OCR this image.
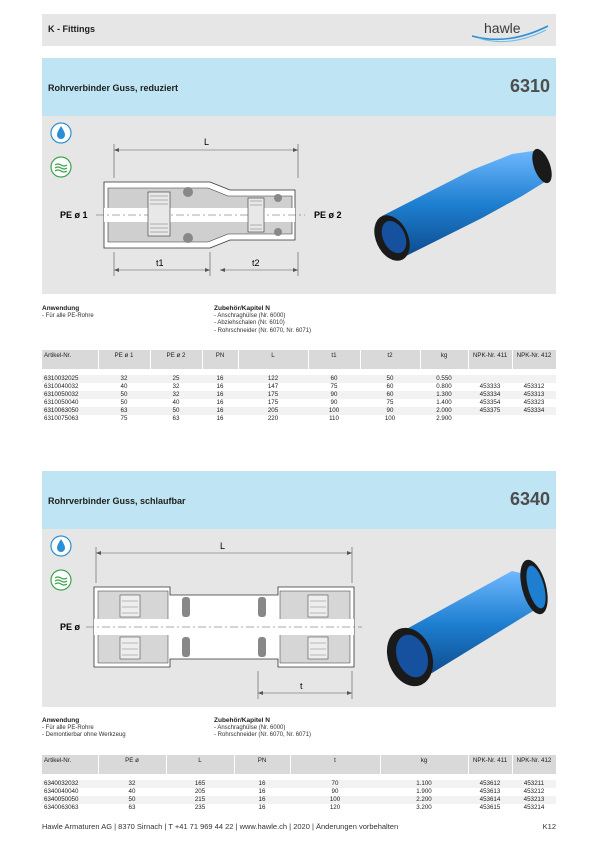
K - Fittings	hawle
Rohrverbinder Guss, reduziert	6310
L
t1	t2
PE ø 1	PE ø 2
Anwendung
- Für alle PE-Rohre
Zubehör/Kapitel N
- Anschraghülse (Nr. 6000)
- Abziehschalen (Nr. 6010)
- Rohrschneider (Nr. 6070, Nr. 6071)
Artikel-Nr.	PE ø 1	PE ø 2	PN	L	t1	t2	kg	NPK-Nr. 411	NPK-Nr. 412

6310032025	32	25	16	122	60	50	0.550		
6310040032	40	32	16	147	75	60	0.800	453333	453312
6310050032	50	32	16	175	90	60	1.300	453334	453313
6310050040	50	40	16	175	90	75	1.400	453354	453323
6310063050	63	50	16	205	100	90	2.000	453375	453334
6310075063	75	63	16	220	110	100	2.900		
Rohrverbinder Guss, schlaufbar	6340
L
t
PE ø
Anwendung
- Für alle PE-Rohre
- Demontierbar ohne Werkzeug
Zubehör/Kapitel N
- Anschraghülse (Nr. 6000)
- Rohrschneider (Nr. 6070, Nr. 6071)
Artikel-Nr.	PE ø	L	PN	t	kg	NPK-Nr. 411	NPK-Nr. 412

6340032032	32	165	16	70	1.100	453612	453211
6340040040	40	205	16	90	1.900	453613	453212
6340050050	50	215	16	100	2.200	453614	453213
6340063063	63	235	16	120	3.200	453615	453214
Hawle Armaturen AG | 8370 Sirnach | T +41 71 969 44 22 | www.hawle.ch | 2020 | Änderungen vorbehalten	K12
